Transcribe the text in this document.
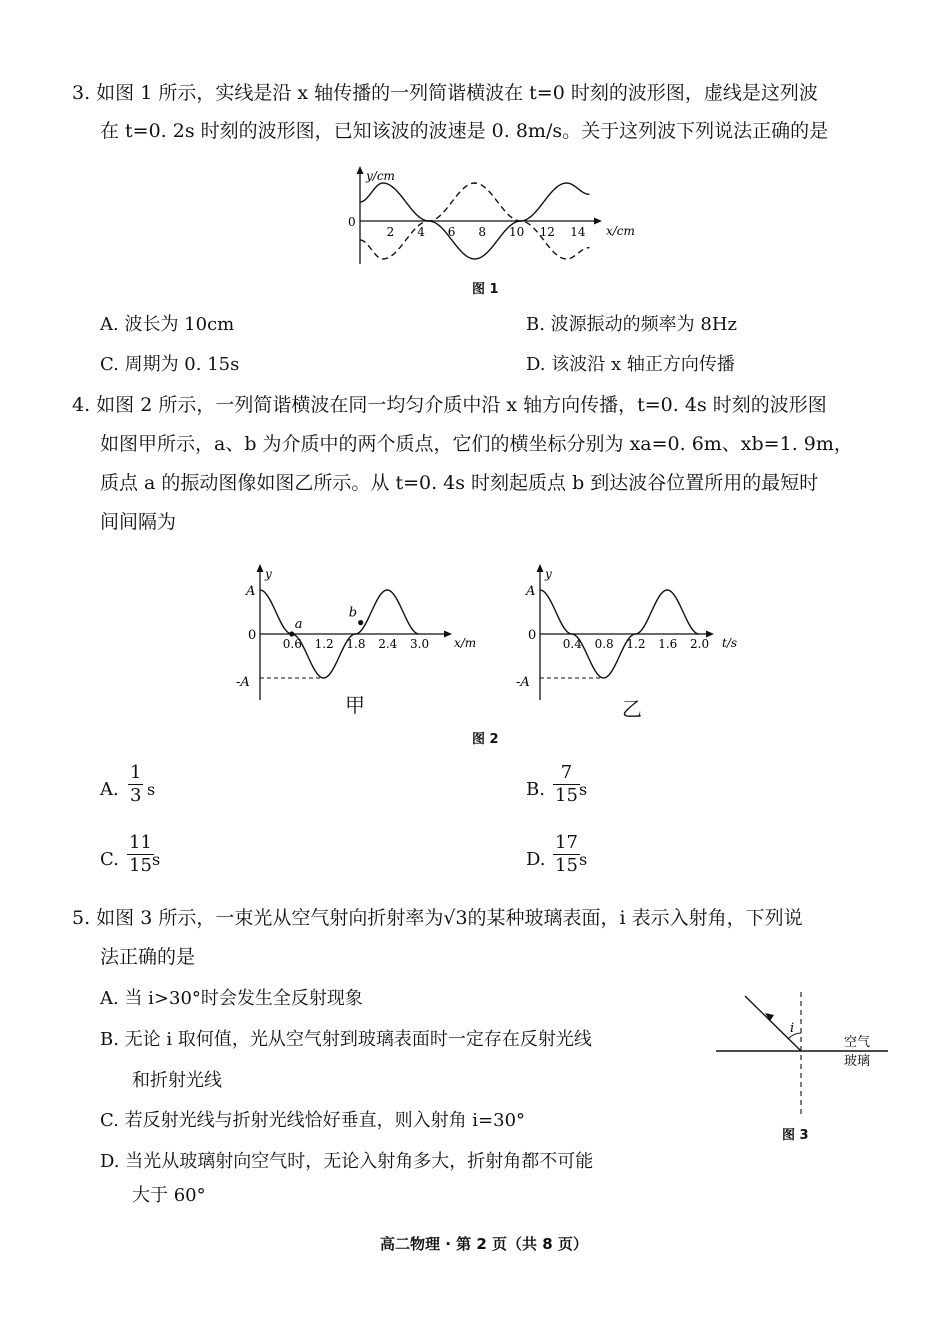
3. 如图 1 所示，实线是沿 x 轴传播的一列简谐横波在 t=0 时刻的波形图，虚线是这列波
在 t=0. 2s 时刻的波形图，已知该波的波速是 0. 8m/s。关于这列波下列说法正确的是
y/cm
x/cm
0
2 4 6 8 10 12 14
图 1
A. 波长为 10cm	B. 波源振动的频率为 8Hz
C. 周期为 0. 15s	D. 该波沿 x 轴正方向传播
4. 如图 2 所示，一列简谐横波在同一均匀介质中沿 x 轴方向传播，t=0. 4s 时刻的波形图
如图甲所示，a、b 为介质中的两个质点，它们的横坐标分别为 xa=0. 6m、xb=1. 9m，
质点 a 的振动图像如图乙所示。从 t=0. 4s 时刻起质点 b 到达波谷位置所用的最短时
间间隔为
y
x/m
A
0
-A
0.6 1.2 1.8 2.4 3.0
a
b
甲
y
t/s
A
0
-A
0.4 0.8 1.2 1.6 2.0
乙
图 2
A. $\frac{1}{3}$ s	B. $\frac{7}{15}$ s
C. $\frac{11}{15}$
s	D. $\frac{17}{15}$ s
5. 如图 3 所示，一束光从空气射向折射率为√3的某种玻璃表面，i 表示入射角，下列说
法正确的是
A. 当 i>30°时会发生全反射现象
B. 无论 i 取何值，光从空气射到玻璃表面时一定存在反射光线
和折射光线
C. 若反射光线与折射光线恰好垂直，则入射角 i=30°
D. 当光从玻璃射向空气时，无论入射角多大，折射角都不可能
大于 60°
i
空气
玻璃
图 3
高二物理 · 第 2 页（共 8 页）
